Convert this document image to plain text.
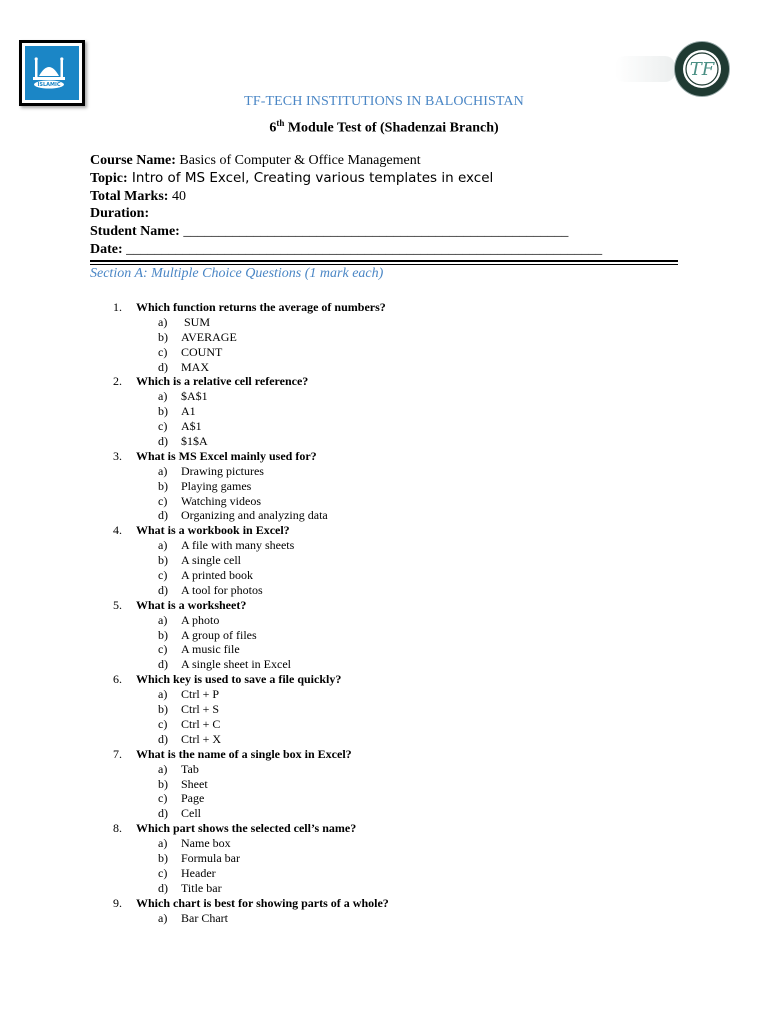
ISLAMIC
TF
TF-TECH INSTITUTIONS IN BALOCHISTAN
6th Module Test of (Shadenzai Branch)
Course Name: Basics of Computer & Office Management
Topic: Intro of MS Excel, Creating various templates in excel
Total Marks: 40
Duration:
Student Name: _______________________________________________________
Date: ____________________________________________________________________
Section A: Multiple Choice Questions (1 mark each)
1. Which function returns the average of numbers?
a) SUM
b) AVERAGE
c) COUNT
d) MAX
2. Which is a relative cell reference?
a) $A$1
b) A1
c) A$1
d) $1$A
3. What is MS Excel mainly used for?
a) Drawing pictures
b) Playing games
c) Watching videos
d) Organizing and analyzing data
4. What is a workbook in Excel?
a) A file with many sheets
b) A single cell
c) A printed book
d) A tool for photos
5. What is a worksheet?
a) A photo
b) A group of files
c) A music file
d) A single sheet in Excel
6. Which key is used to save a file quickly?
a) Ctrl + P
b) Ctrl + S
c) Ctrl + C
d) Ctrl + X
7. What is the name of a single box in Excel?
a) Tab
b) Sheet
c) Page
d) Cell
8. Which part shows the selected cell’s name?
a) Name box
b) Formula bar
c) Header
d) Title bar
9. Which chart is best for showing parts of a whole?
a) Bar Chart
